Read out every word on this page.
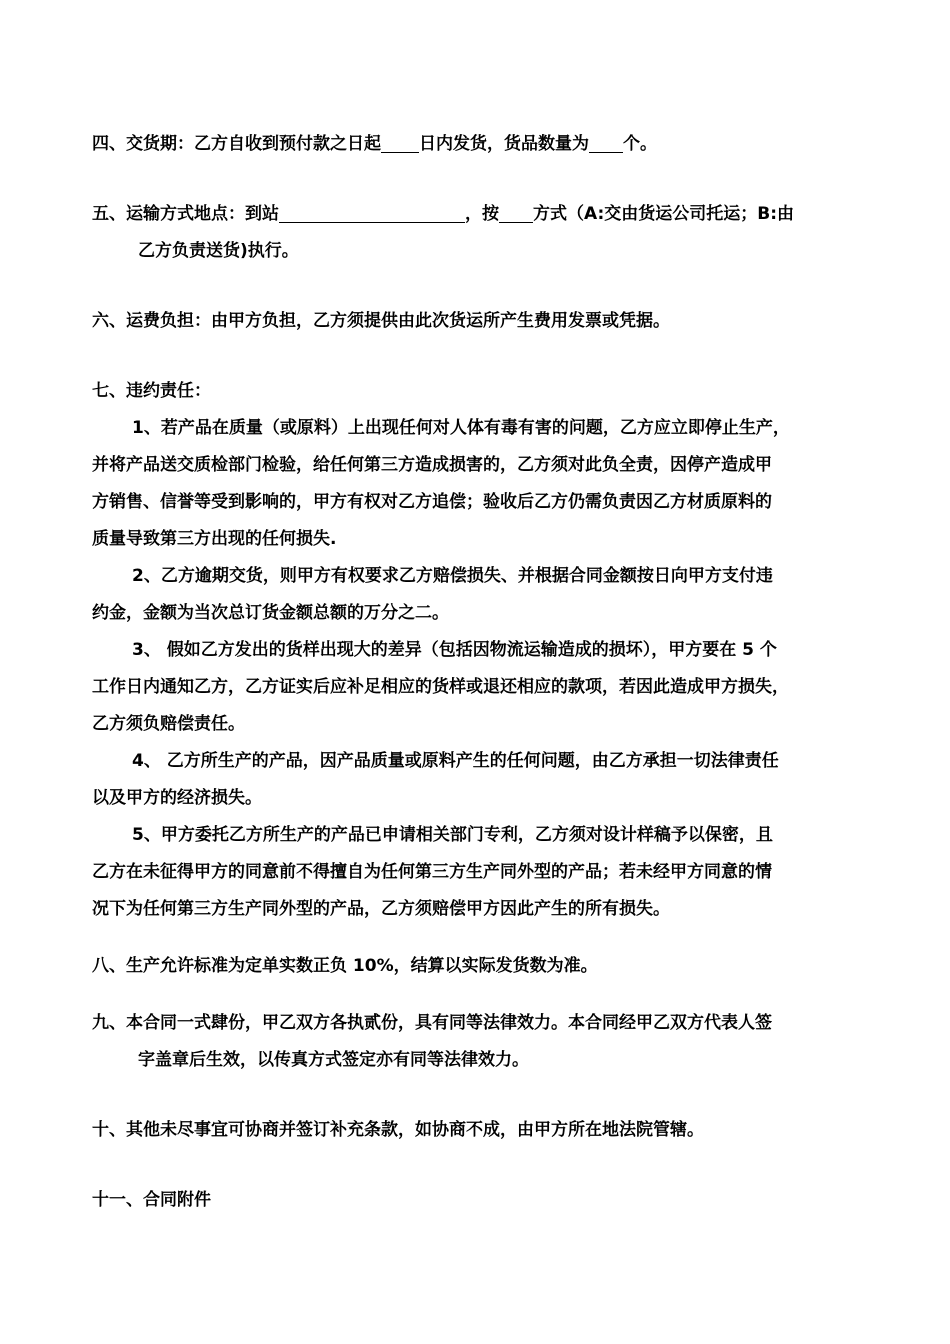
四、交货期：乙方自收到预付款之日起 日内发货，货品数量为 个。
五、运输方式地点：到站	，按 方式（A:交由货运公司托运；B:由
乙方负责送货)执行。
六、运费负担：由甲方负担，乙方须提供由此次货运所产生费用发票或凭据。
七、违约责任：
1、若产品在质量（或原料）上出现任何对人体有毒有害的问题，乙方应立即停止生产，
并将产品送交质检部门检验，给任何第三方造成损害的，乙方须对此负全责，因停产造成甲
方销售、信誉等受到影响的，甲方有权对乙方追偿；验收后乙方仍需负责因乙方材质原料的
质量导致第三方出现的任何损失.
2、乙方逾期交货，则甲方有权要求乙方赔偿损失、并根据合同金额按日向甲方支付违
约金，金额为当次总订货金额总额的万分之二。
3、 假如乙方发出的货样出现大的差异（包括因物流运输造成的损坏），甲方要在 5 个
工作日内通知乙方，乙方证实后应补足相应的货样或退还相应的款项，若因此造成甲方损失，
乙方须负赔偿责任。
4、 乙方所生产的产品，因产品质量或原料产生的任何问题，由乙方承担一切法律责任
以及甲方的经济损失。
5、甲方委托乙方所生产的产品已申请相关部门专利，乙方须对设计样稿予以保密，且
乙方在未征得甲方的同意前不得擅自为任何第三方生产同外型的产品；若未经甲方同意的情
况下为任何第三方生产同外型的产品，乙方须赔偿甲方因此产生的所有损失。
八、生产允许标准为定单实数正负 10%，结算以实际发货数为准。
九、本合同一式肆份，甲乙双方各执贰份，具有同等法律效力。本合同经甲乙双方代表人签
字盖章后生效，以传真方式签定亦有同等法律效力。
十、其他未尽事宜可协商并签订补充条款，如协商不成，由甲方所在地法院管辖。
十一、合同附件
